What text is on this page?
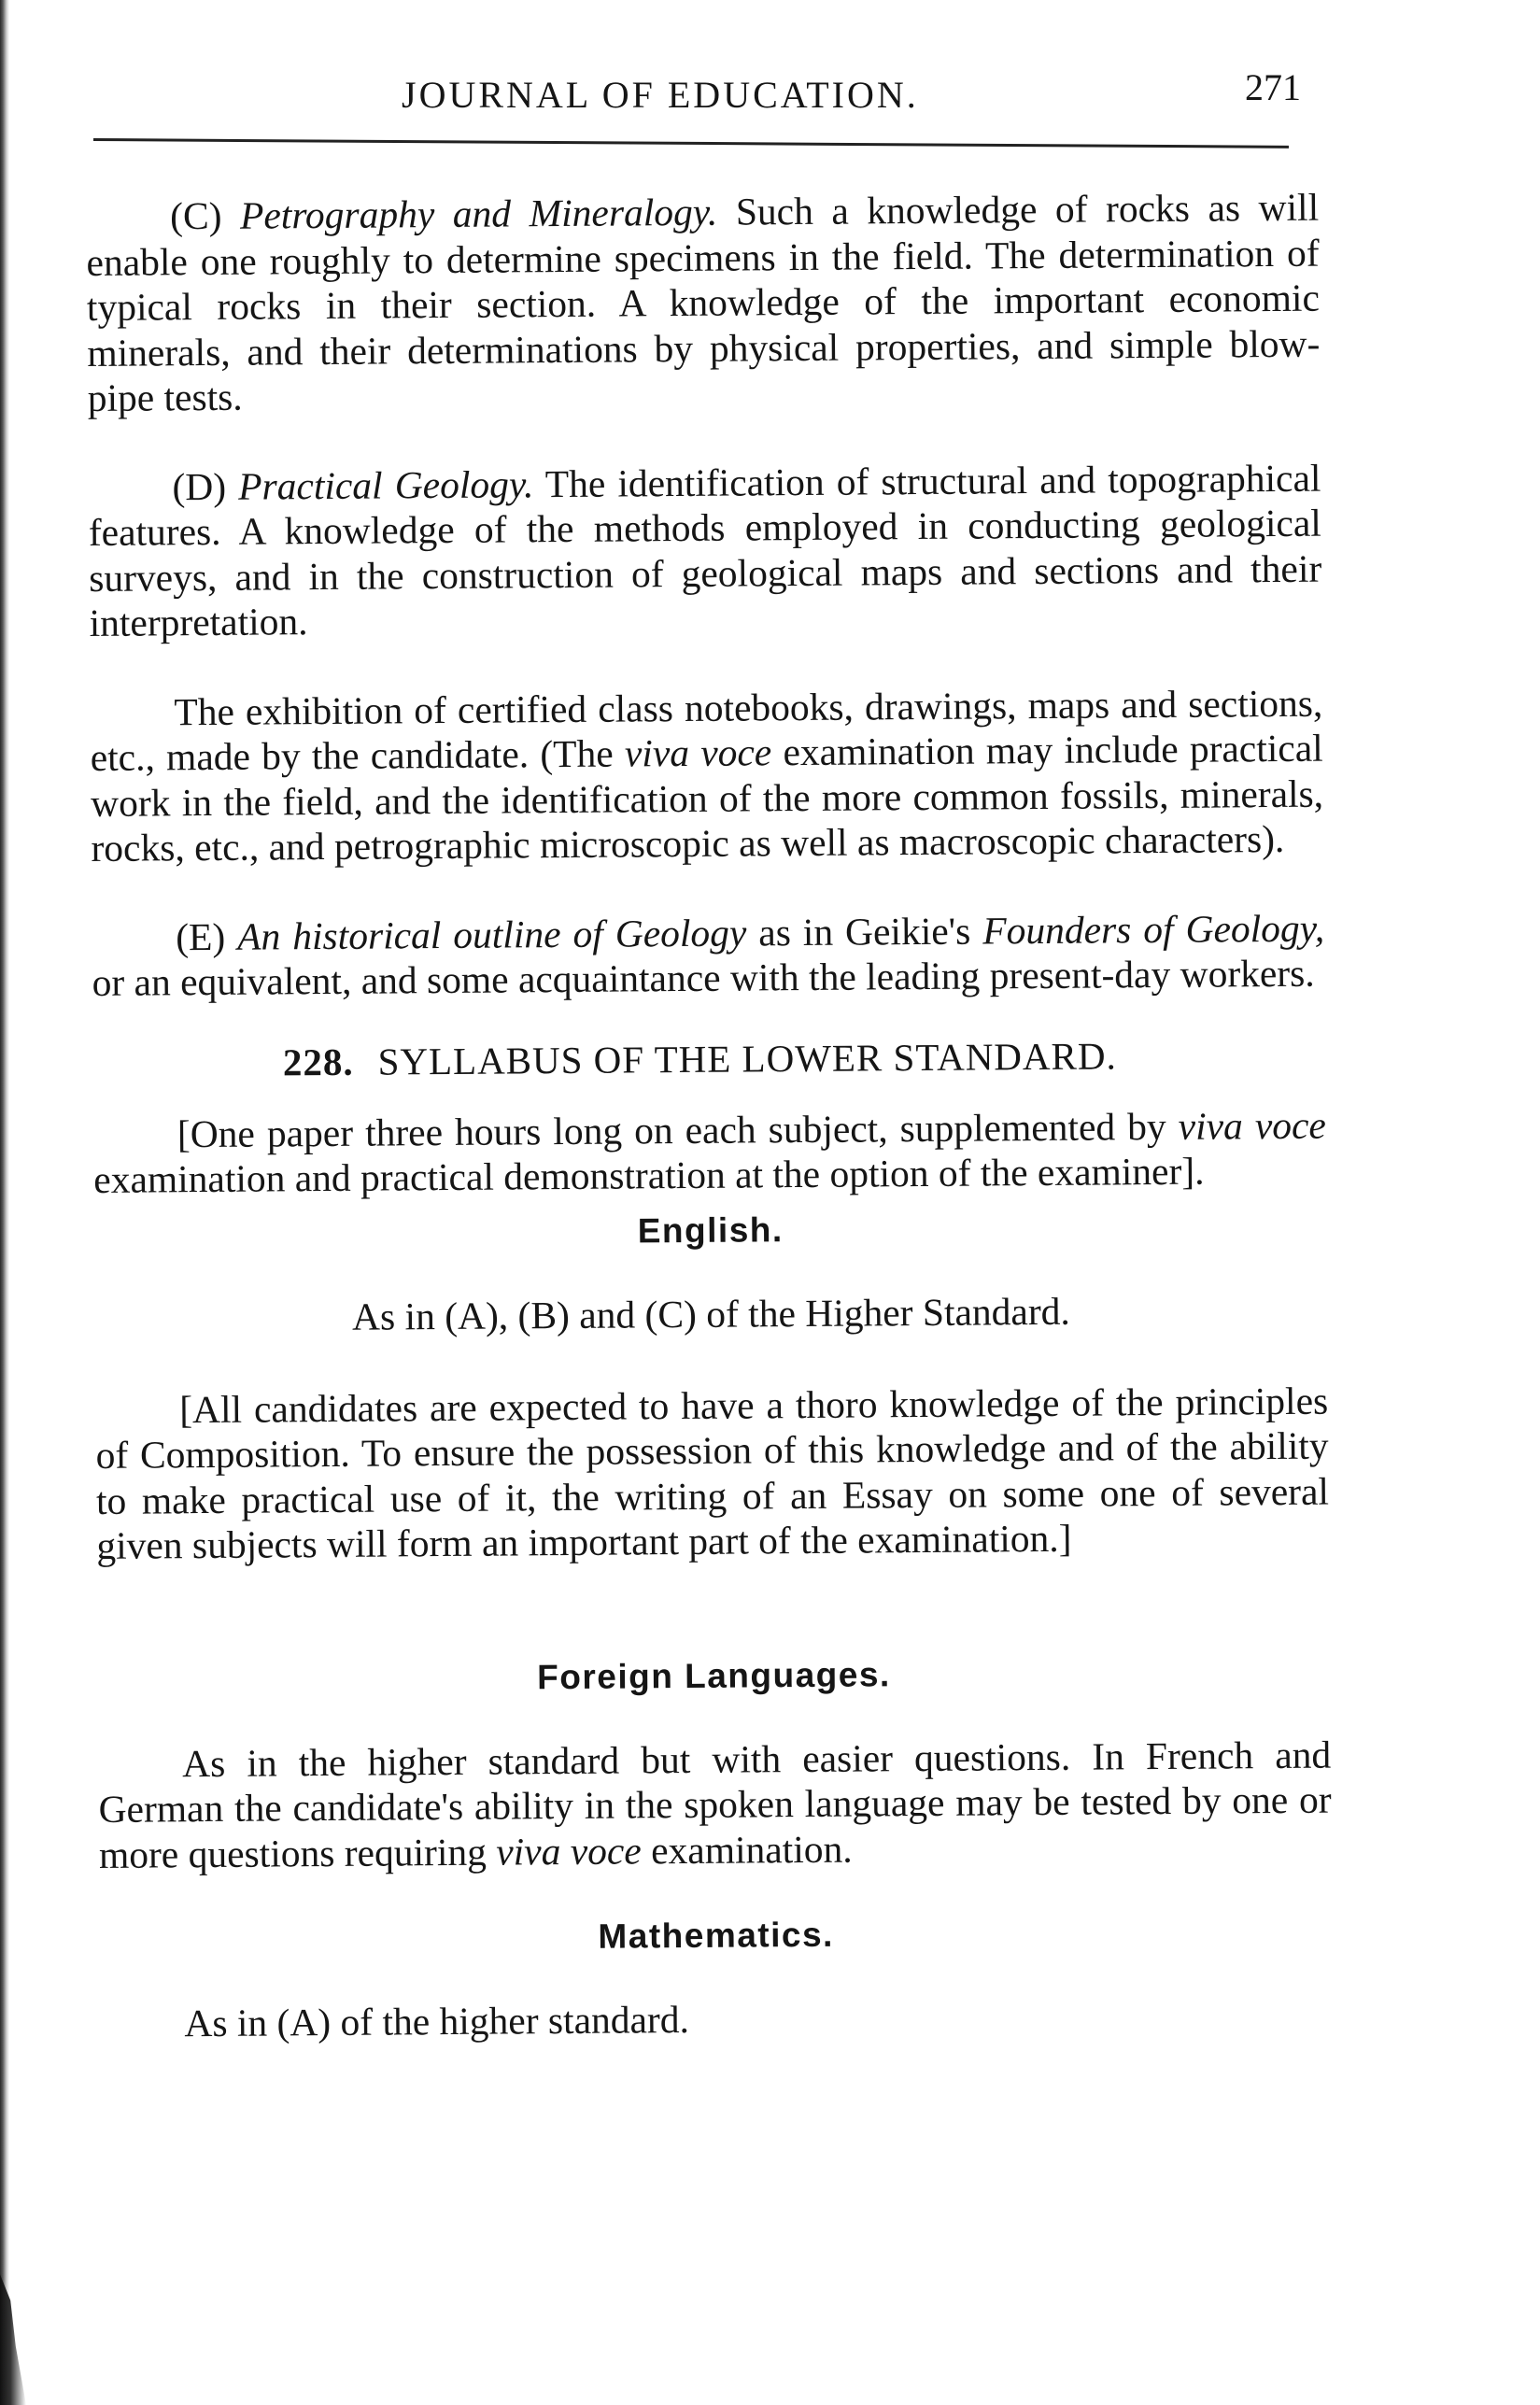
JOURNAL OF EDUCATION.	271

(C) Petrography and Mineralogy. Such a knowledge of rocks as will enable one roughly to determine specimens in the field. The determination of typical rocks in their section. A knowledge of the important economic minerals, and their determinations by physical properties, and simple blow-pipe tests.

(D) Practical Geology. The identification of structural and topographical features. A knowledge of the methods employed in conducting geological surveys, and in the construction of geological maps and sections and their interpretation.

The exhibition of certified class notebooks, drawings, maps and sections, etc., made by the candidate. (The viva voce examination may include practical work in the field, and the identification of the more common fossils, minerals, rocks, etc., and petrographic microscopic as well as macroscopic characters).

(E) An historical outline of Geology as in Geikie's Founders of Geology, or an equivalent, and some acquaintance with the leading present-day workers.

228. SYLLABUS OF THE LOWER STANDARD.

[One paper three hours long on each subject, supplemented by viva voce examination and practical demonstration at the option of the examiner].

English.
As in (A), (B) and (C) of the Higher Standard.

[All candidates are expected to have a thoro knowledge of the principles of Composition. To ensure the possession of this knowledge and of the ability to make practical use of it, the writing of an Essay on some one of several given subjects will form an important part of the examination.]

Foreign Languages.

As in the higher standard but with easier questions. In French and German the candidate's ability in the spoken language may be tested by one or more questions requiring viva voce examination.

Mathematics.

As in (A) of the higher standard.
